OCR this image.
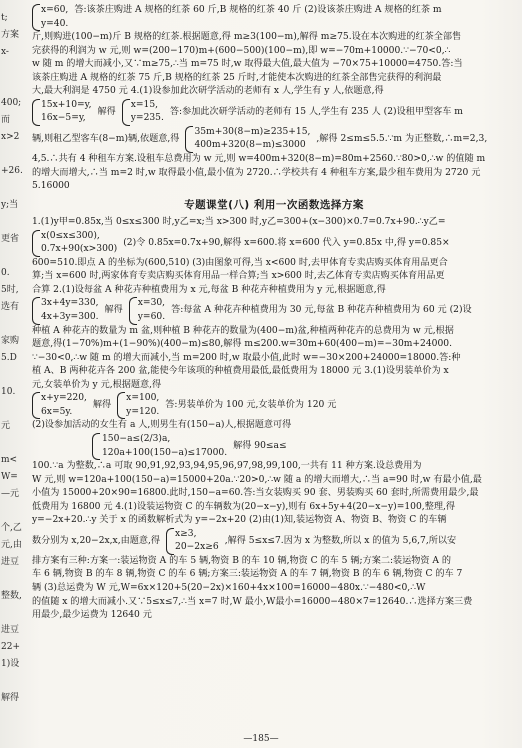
t;
方案
x-
400;
而
x>2
+26.
y;当
更省
0.
5时,
选有
家购
5.D
10.
元
m<
W=
—元
个,乙
元,由
进豆
整数,
进豆
22+
1)设
解得
x=60,
y=40.
答:该茶庄购进 A 规格的红茶 60 斤,B 规格的红茶 40 斤 (2)设该茶庄购进 A 规格的红茶 m
斤,则购进(100−m)斤 B 规格的红茶.根据题意,得 m≥3(100−m),解得 m≥75.设在本次购进的红茶全部售
完获得的利润为 w 元,则 w=(200−170)m+(600−500)(100−m),即 w=−70m+10000.∵−70<0,∴
w 随 m 的增大而减小,又∵m≥75,∴当 m=75 时,w 取得最大值,最大值为 −70×75+10000=4750.答:当
该茶庄购进 A 规格的红茶 75 斤,B 规格的红茶 25 斤时,才能使本次购进的红茶全部售完获得的利润最
大,最大利润是 4750 元 4.(1)设参加此次研学活动的老师有 x 人,学生有 y 人,依题意,得
15x+10=y,
16x−5=y,
解得
x=15,
y=235.
答:参加此次研学活动的老师有 15 人,学生有 235 人 (2)设租甲型客车 m
辆,则租乙型客车(8−m)辆,依题意,得
35m+30(8−m)≥235+15,
400m+320(8−m)≤3000
,解得 2≤m≤5.5.∵m 为正整数,∴m=2,3,
4,5.∴共有 4 种租车方案.设租车总费用为 w 元,则 w=400m+320(8−m)=80m+2560.∵80>0,∴w 的值随 m
的增大而增大,∴当 m=2 时,w 取得最小值,最小值为 2720.∴学校共有 4 种租车方案,最少租车费用为 2720 元
5.16000
专题课堂(八) 利用一次函数选择方案
1.(1)y甲=0.85x,当 0≤x≤300 时,y乙=x;当 x>300 时,y乙=300+(x−300)×0.7=0.7x+90.∴y乙=
x(0≤x≤300),
0.7x+90(x>300)
(2)令 0.85x=0.7x+90,解得 x=600.将 x=600 代入 y=0.85x 中,得 y=0.85×
600=510.即点 A 的坐标为(600,510) (3)由图象可得,当 x<600 时,去甲体育专卖店购买体育用品更合
算;当 x=600 时,两家体育专卖店购买体育用品一样合算;当 x>600 时,去乙体育专卖店购买体育用品更
合算 2.(1)设每盆 A 种花卉种植费用为 x 元,每盆 B 种花卉种植费用为 y 元,根据题意,得
3x+4y=330,
4x+3y=300.
解得
x=30,
y=60.
答:每盆 A 种花卉种植费用为 30 元,每盆 B 种花卉种植费用为 60 元 (2)设
种植 A 种花卉的数量为 m 盆,则种植 B 种花卉的数量为(400−m)盆,种植两种花卉的总费用为 w 元,根据
题意,得(1−70%)m+(1−90%)(400−m)≤80,解得 m≤200.w=30m+60(400−m)=−30m+24000.
∵−30<0,∴w 随 m 的增大而减小,当 m=200 时,w 取最小值,此时 w=−30×200+24000=18000.答:种
植 A、B 两种花卉各 200 盆,能使今年该项的种植费用最低,最低费用为 18000 元 3.(1)设男装单价为 x
元,女装单价为 y 元,根据题意,得
x+y=220,
6x=5y.
解得
x=100,
y=120.
答:男装单价为 100 元,女装单价为 120 元
(2)设参加活动的女生有 a 人,则男生有(150−a)人,根据题意可得
150−a≤(2/3)a,
120a+100(150−a)≤17000.
解得 90≤a≤
100.∵a 为整数,∴a 可取 90,91,92,93,94,95,96,97,98,99,100,一共有 11 种方案.设总费用为
W 元,则 w=120a+100(150−a)=15000+20a.∵20>0,∴w 随 a 的增大而增大,∴当 a=90 时,w 有最小值,最
小值为 15000+20×90=16800.此时,150−a=60.答:当女装购买 90 套、男装购买 60 套时,所需费用最少,最
低费用为 16800 元 4.(1)设装运物资 C 的车辆数为(20−x−y),则有 6x+5y+4(20−x−y)=100,整理,得
y=−2x+20.∴y 关于 x 的函数解析式为 y=−2x+20 (2)由(1)知,装运物资 A、物资 B、物资 C 的车辆
数分别为 x,20−2x,x,由题意,得
x≥3,
20−2x≥6
,解得 5≤x≤7.因为 x 为整数,所以 x 的值为 5,6,7,所以安
排方案有三种:方案一:装运物资 A 的车 5 辆,物资 B 的车 10 辆,物资 C 的车 5 辆;方案二:装运物资 A 的
车 6 辆,物资 B 的车 8 辆,物资 C 的车 6 辆;方案三:装运物资 A 的车 7 辆,物资 B 的车 6 辆,物资 C 的车 7
辆 (3)总运费为 W 元,W=6x×120+5(20−2x)×160+4x×100=16000−480x.∵−480<0,∴W
的值随 x 的增大而减小.又∵5≤x≤7,∴当 x=7 时,W 最小,W最小=16000−480×7=12640.∴选择方案三费
用最少,最少运费为 12640 元
—185—
